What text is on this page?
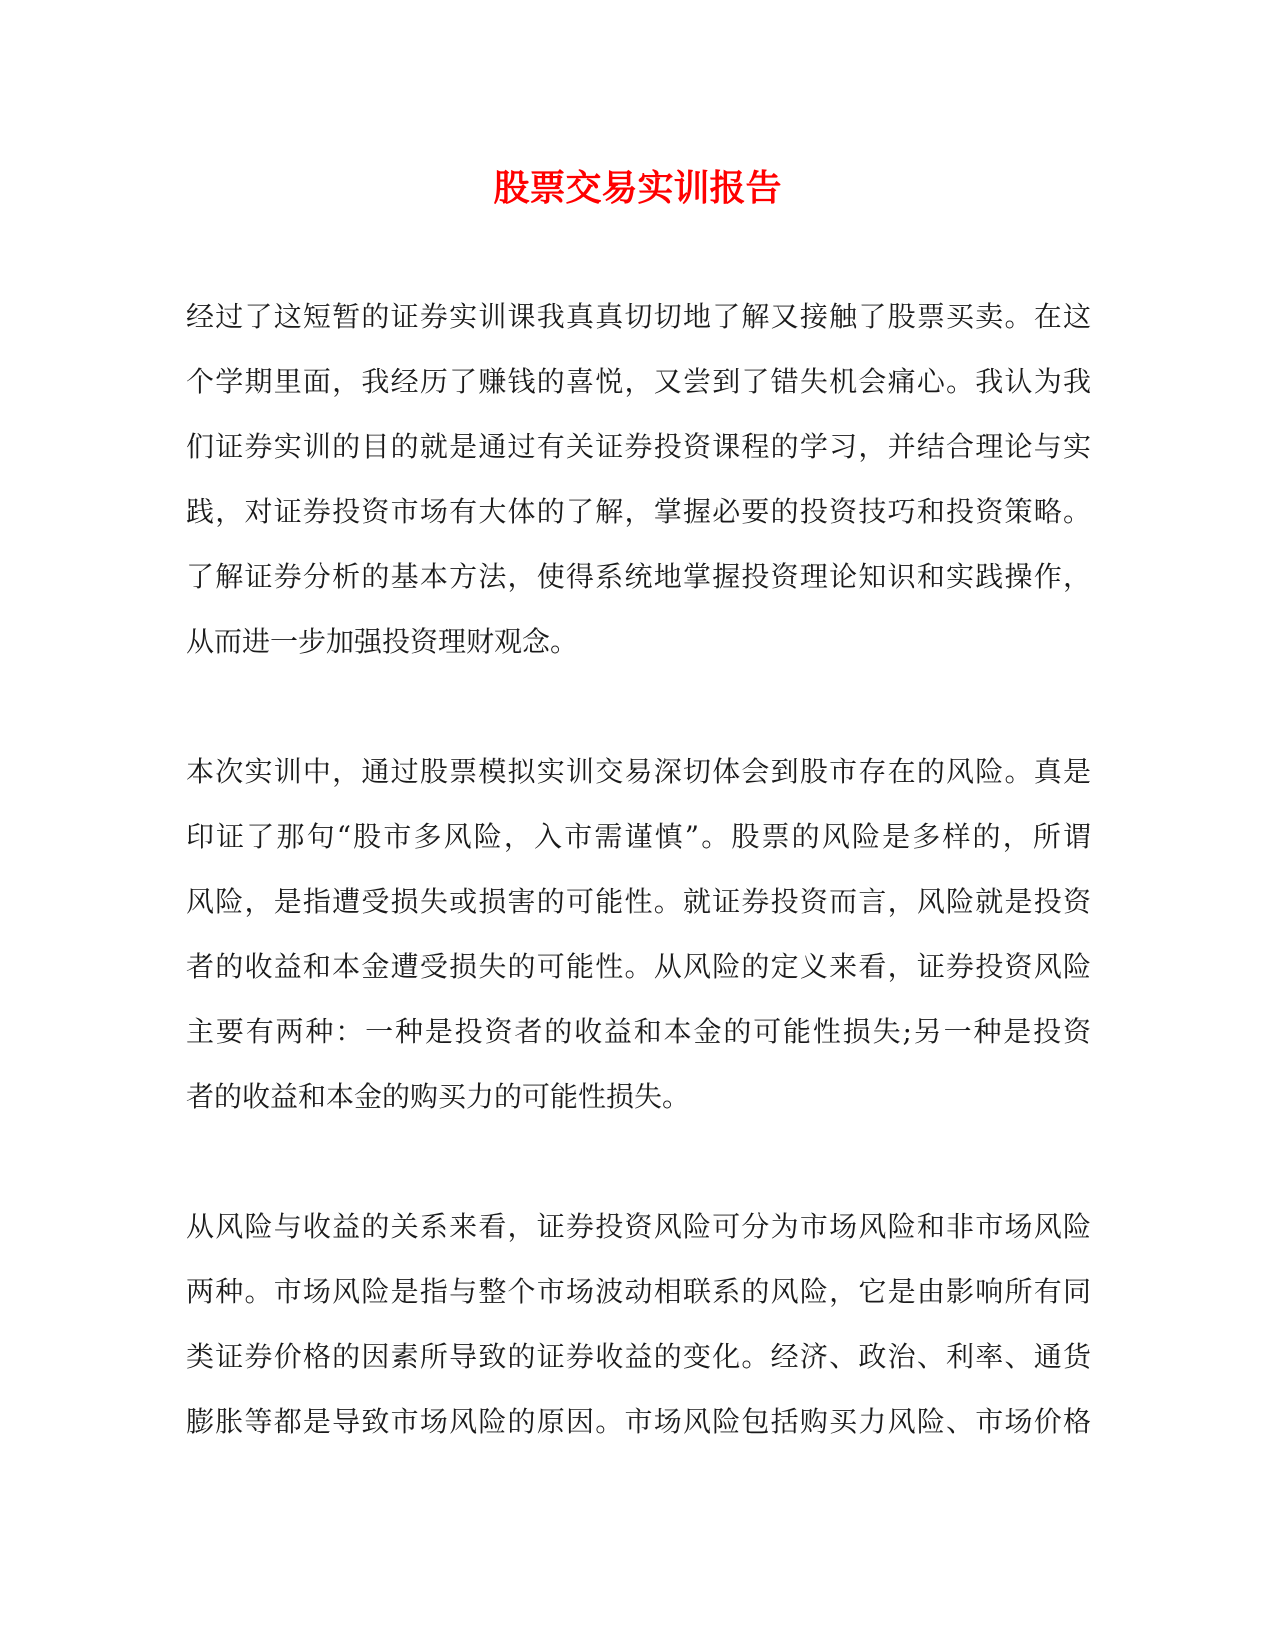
股票交易实训报告

经过了这短暂的证券实训课我真真切切地了解又接触了股票买卖。在这
个学期里面，我经历了赚钱的喜悦，又尝到了错失机会痛心。我认为我
们证券实训的目的就是通过有关证券投资课程的学习，并结合理论与实
践，对证券投资市场有大体的了解，掌握必要的投资技巧和投资策略。
了解证券分析的基本方法，使得系统地掌握投资理论知识和实践操作，
从而进一步加强投资理财观念。

本次实训中，通过股票模拟实训交易深切体会到股市存在的风险。真是
印证了那句“股市多风险，入市需谨慎”。股票的风险是多样的，所谓
风险，是指遭受损失或损害的可能性。就证券投资而言，风险就是投资
者的收益和本金遭受损失的可能性。从风险的定义来看，证券投资风险
主要有两种：一种是投资者的收益和本金的可能性损失;另一种是投资
者的收益和本金的购买力的可能性损失。

从风险与收益的关系来看，证券投资风险可分为市场风险和非市场风险
两种。市场风险是指与整个市场波动相联系的风险，它是由影响所有同
类证券价格的因素所导致的证券收益的变化。经济、政治、利率、通货
膨胀等都是导致市场风险的原因。市场风险包括购买力风险、市场价格
